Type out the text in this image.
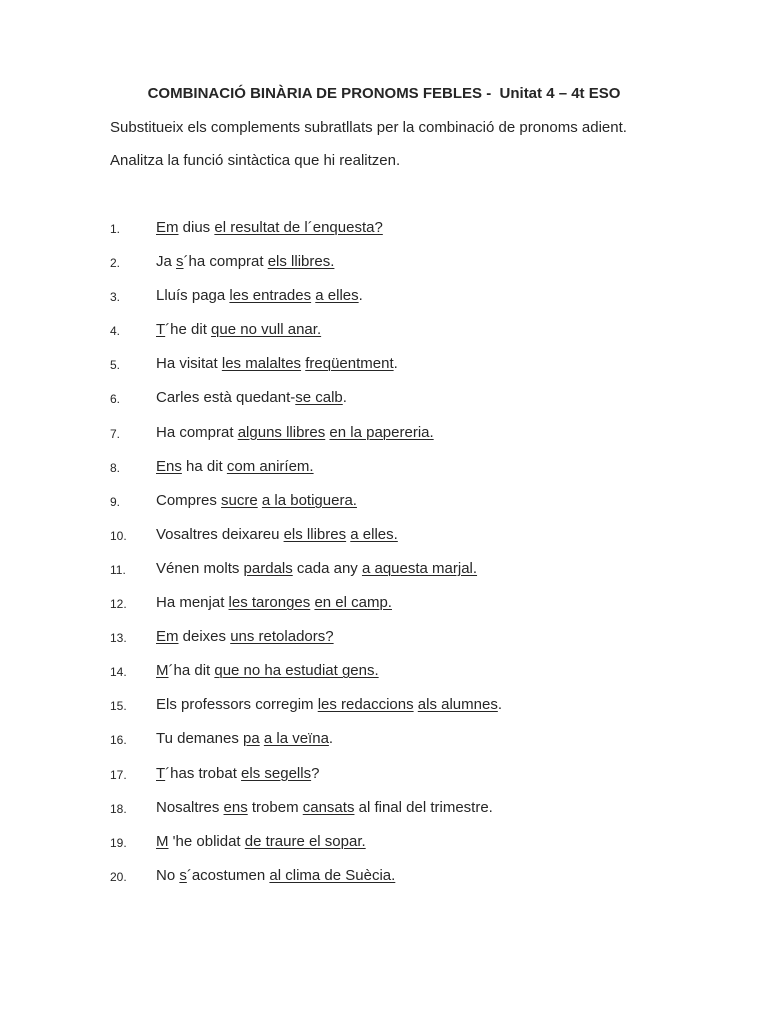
COMBINACIÓ BINÀRIA DE PRONOMS FEBLES -  Unitat 4 – 4t ESO
Substitueix els complements subratllats per la combinació de pronoms adient.
Analitza la funció sintàctica que hi realitzen.
1. Em dius el resultat de l´enquesta?
2. Ja s´ha comprat els llibres.
3. Lluís paga les entrades a elles.
4. T´he dit que no vull anar.
5. Ha visitat les malaltes freqüentment.
6. Carles està quedant-se calb.
7. Ha comprat alguns llibres en la papereria.
8. Ens ha dit com aniríem.
9. Compres sucre a la botiguera.
10. Vosaltres deixareu els llibres a elles.
11. Vénen molts pardals cada any a aquesta marjal.
12. Ha menjat les taronges en el camp.
13. Em deixes uns retoladors?
14. M´ha dit que no ha estudiat gens.
15. Els professors corregim les redaccions als alumnes.
16. Tu demanes pa a la veïna.
17. T´has trobat els segells?
18. Nosaltres ens trobem cansats al final del trimestre.
19. M 'he oblidat de traure el sopar.
20. No s´acostumen al clima de Suècia.
